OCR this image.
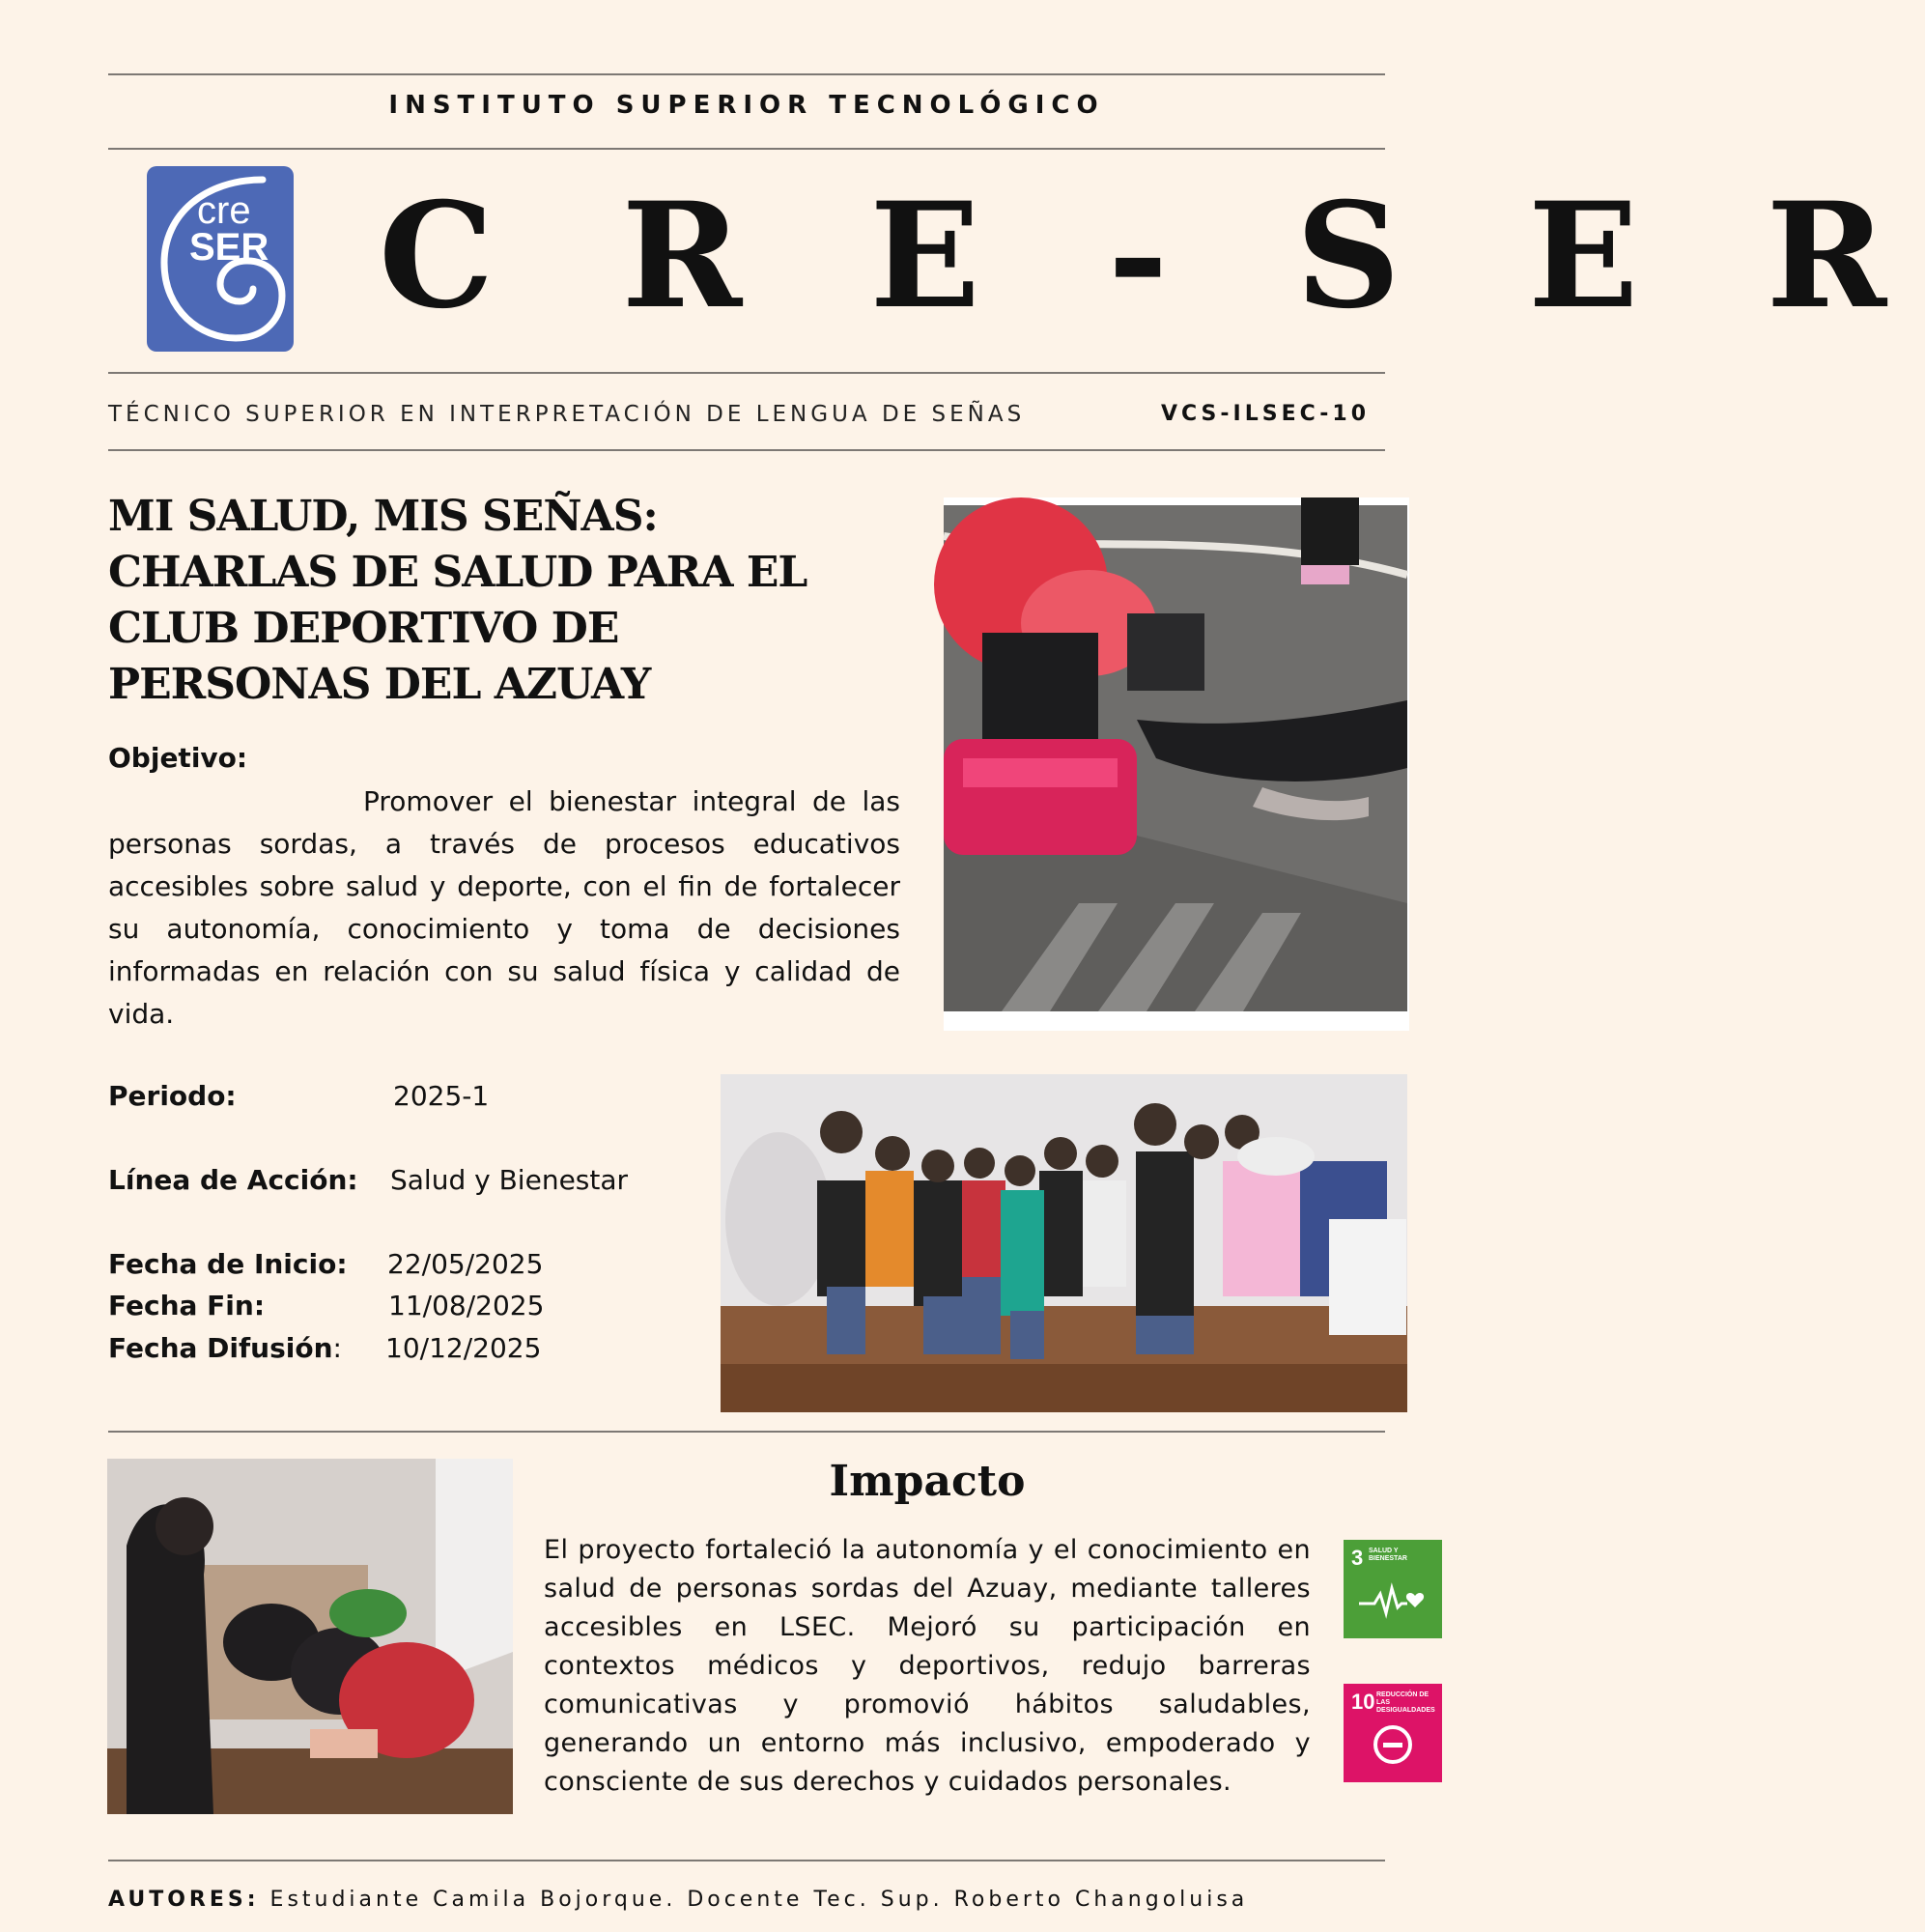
INSTITUTO SUPERIOR TECNOLÓGICO
cre
SER C R E - S E R
TÉCNICO SUPERIOR EN INTERPRETACIÓN DE LENGUA DE SEÑAS	VCS-ILSEC-10
MI SALUD, MIS SEÑAS: CHARLAS DE SALUD PARA EL CLUB DEPORTIVO DE PERSONAS DEL AZUAY
Objetivo:
Promover el bienestar integral de las personas sordas, a través de procesos educativos accesibles sobre salud y deporte, con el fin de fortalecer su autonomía, conocimiento y toma de decisiones informadas en relación con su salud física y calidad de vida.
Periodo:	2025-1
Línea de Acción: Salud y Bienestar
Fecha de Inicio: 22/05/2025
Fecha Fin:	11/08/2025
Fecha Difusión: 10/12/2025
Impacto
El proyecto fortaleció la autonomía y el conocimiento en salud de personas sordas del Azuay, mediante talleres accesibles en LSEC. Mejoró su participación en contextos médicos y deportivos, redujo barreras comunicativas y promovió hábitos saludables, generando un entorno más inclusivo, empoderado y consciente de sus derechos y cuidados personales.
3 SALUD Y BIENESTAR
10 REDUCCIÓN DE LAS DESIGUALDADES
AUTORES: Estudiante Camila Bojorque. Docente Tec. Sup. Roberto Changoluisa
